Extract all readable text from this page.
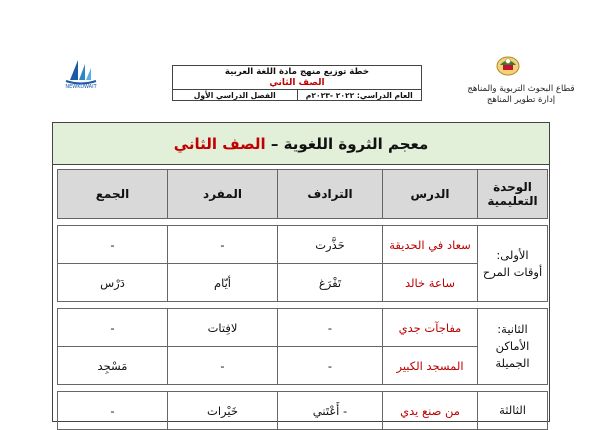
قطاع البحوث التربوية والمناهج
إدارة تطوير المناهج
NEWKUWAIT
خطة توزيع منهج مادة اللغة العربية
الصف الثاني
العام الدراسي: ٢٠٢٢ -٢٠٢٣م
الفصل الدراسي الأول
معجم الثروة اللغوية – الصف الثاني
الوحدة التعليمية	الدرس	الترادف	المفرد	الجمع

الأولى: أوقات المرح	سعاد في الحديقة	حَذَّرت	-	-
	ساعة خالد	تَفْرَغ	أيّام	دَرْس

الثانية: الأماكن الجميلة	مفاجآت جدي	-	لافِتات	-
	المسجد الكبير	-	-	مَسْجِد

الثالثة	من صنع يدي	- أَعْتَني	خَيْرات	-
